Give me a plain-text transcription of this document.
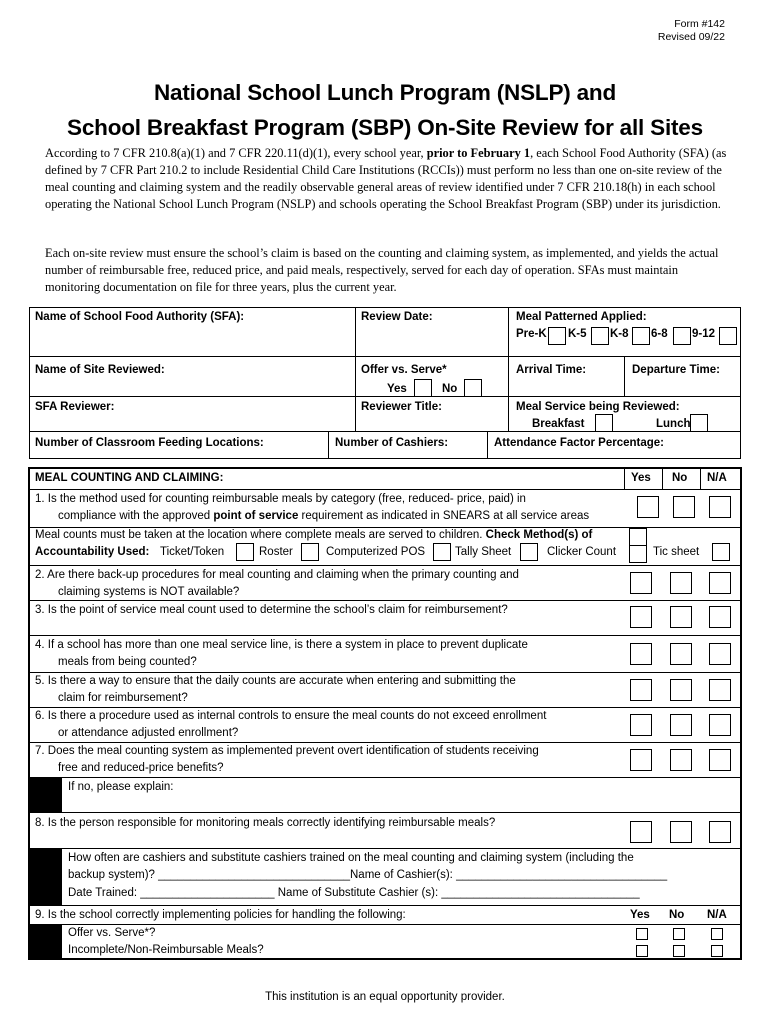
Form #142
Revised 09/22
National School Lunch Program (NSLP) and
School Breakfast Program (SBP) On-Site Review for all Sites
According to 7 CFR 210.8(a)(1) and 7 CFR 220.11(d)(1), every school year, prior to February 1, each School Food Authority (SFA) (as defined by 7 CFR Part 210.2 to include Residential Child Care Institutions (RCCIs)) must perform no less than one on-site review of the meal counting and claiming system and the readily observable general areas of review identified under 7 CFR 210.18(h) in each school operating the National School Lunch Program (NSLP) and schools operating the School Breakfast Program (SBP) under its jurisdiction.
Each on-site review must ensure the school’s claim is based on the counting and claiming system, as implemented, and yields the actual number of reimbursable free, reduced price, and paid meals, respectively, served for each day of operation. SFAs must maintain monitoring documentation on file for three years, plus the current year.
Name of School Food Authority (SFA):	Review Date:	Meal Patterned Applied:
Pre-K K-5 K-8 6-8 9-12
Name of Site Reviewed:	Offer vs. Serve*
Yes	No
Arrival Time:	Departure Time:
SFA Reviewer:	Reviewer Title:	Meal Service being Reviewed:
Breakfast	Lunch
Number of Classroom Feeding Locations:	Number of Cashiers:	Attendance Factor Percentage:
MEAL COUNTING AND CLAIMING:	Yes No N/A
1. Is the method used for counting reimbursable meals by category (free, reduced- price, paid) in
compliance with the approved point of service requirement as indicated in SNEARS at all service areas
Meal counts must be taken at the location where complete meals are served to children. Check Method(s) of
Accountability Used: Ticket/Token	Roster	Computerized POS	Tally Sheet	Clicker Count	Tic sheet
2. Are there back-up procedures for meal counting and claiming when the primary counting and
claiming systems is NOT available?
3. Is the point of service meal count used to determine the school’s claim for reimbursement?
4. If a school has more than one meal service line, is there a system in place to prevent duplicate
meals from being counted?
5. Is there a way to ensure that the daily counts are accurate when entering and submitting the
claim for reimbursement?
6. Is there a procedure used as internal controls to ensure the meal counts do not exceed enrollment
or attendance adjusted enrollment?
7. Does the meal counting system as implemented prevent overt identification of students receiving
free and reduced-price benefits?
If no, please explain:
8. Is the person responsible for monitoring meals correctly identifying reimbursable meals?
How often are cashiers and substitute cashiers trained on the meal counting and claiming system (including the
backup system)? ______________________________Name of Cashier(s): _________________________________
Date Trained: _____________________ Name of Substitute Cashier (s): _______________________________
9. Is the school correctly implementing policies for handling the following:	Yes No N/A
Offer vs. Serve*?
Incomplete/Non-Reimbursable Meals?
This institution is an equal opportunity provider.
